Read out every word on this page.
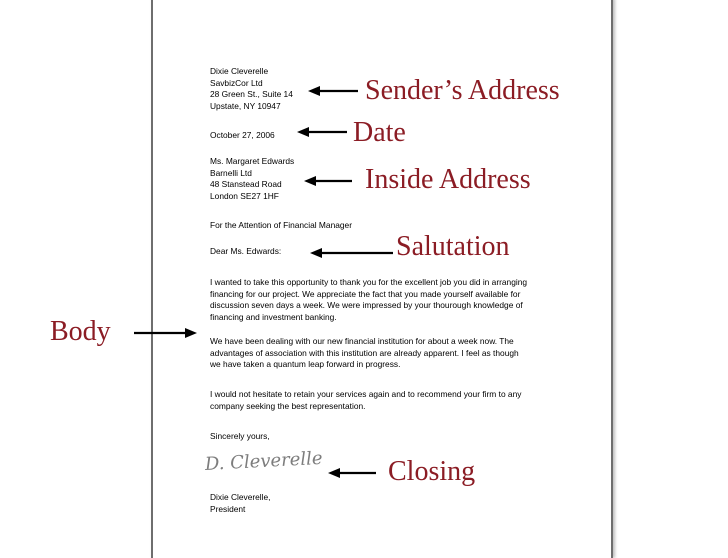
Dixie Cleverelle
SavbizCor Ltd
28 Green St., Suite 14
Upstate, NY 10947
October 27, 2006
Ms. Margaret Edwards
Barnelli Ltd
48 Stanstead Road
London SE27 1HF
For the Attention of Financial Manager
Dear Ms. Edwards:
I wanted to take this opportunity to thank you for the excellent job you did in arranging
financing for our project. We appreciate the fact that you made yourself available for
discussion seven days a week. We were impressed by your thourough knowledge of
financing and investment banking.
We have been dealing with our new financial institution for about a week now. The
advantages of association with this institution are already apparent. I feel as though
we have taken a quantum leap forward in progress.
I would not hesitate to retain your services again and to recommend your firm to any
company seeking the best representation.
Sincerely yours,
D. Cleverelle
Dixie Cleverelle,
President
Sender’s Address
Date
Inside Address
Salutation
Body
Closing
